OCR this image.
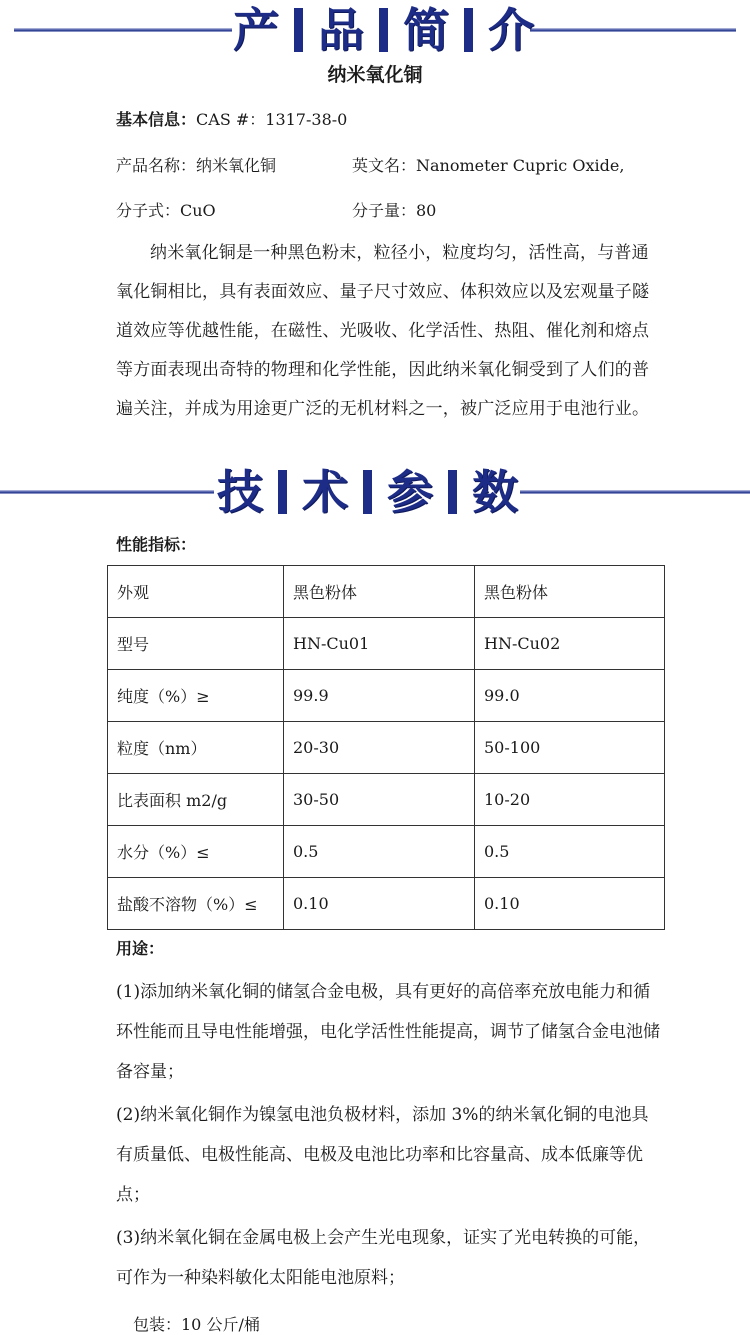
产 品 简 介
纳米氧化铜
基本信息：CAS #：1317-38-0
产品名称：纳米氧化铜	英文名：Nanometer Cupric Oxide,
分子式：CuO	分子量：80
纳米氧化铜是一种黑色粉末，粒径小，粒度均匀，活性高，与普通氧化铜相比，具有表面效应、量子尺寸效应、体积效应以及宏观量子隧道效应等优越性能，在磁性、光吸收、化学活性、热阻、催化剂和熔点等方面表现出奇特的物理和化学性能，因此纳米氧化铜受到了人们的普遍关注，并成为用途更广泛的无机材料之一，被广泛应用于电池行业。
技 术 参 数
性能指标：
外观	黑色粉体	黑色粉体
型号	HN-Cu01	HN-Cu02
纯度（%）≥	99.9	99.0
粒度（nm）	20-30	50-100
比表面积 m2/g	30-50	10-20
水分（%）≤	0.5	0.5
盐酸不溶物（%）≤	0.10	0.10
用途：
(1)添加纳米氧化铜的储氢合金电极，具有更好的高倍率充放电能力和循环性能而且导电性能增强，电化学活性性能提高，调节了储氢合金电池储备容量；
(2)纳米氧化铜作为镍氢电池负极材料，添加 3%的纳米氧化铜的电池具有质量低、电极性能高、电极及电池比功率和比容量高、成本低廉等优点；
(3)纳米氧化铜在金属电极上会产生光电现象，证实了光电转换的可能，可作为一种染料敏化太阳能电池原料；
包装：10 公斤/桶
